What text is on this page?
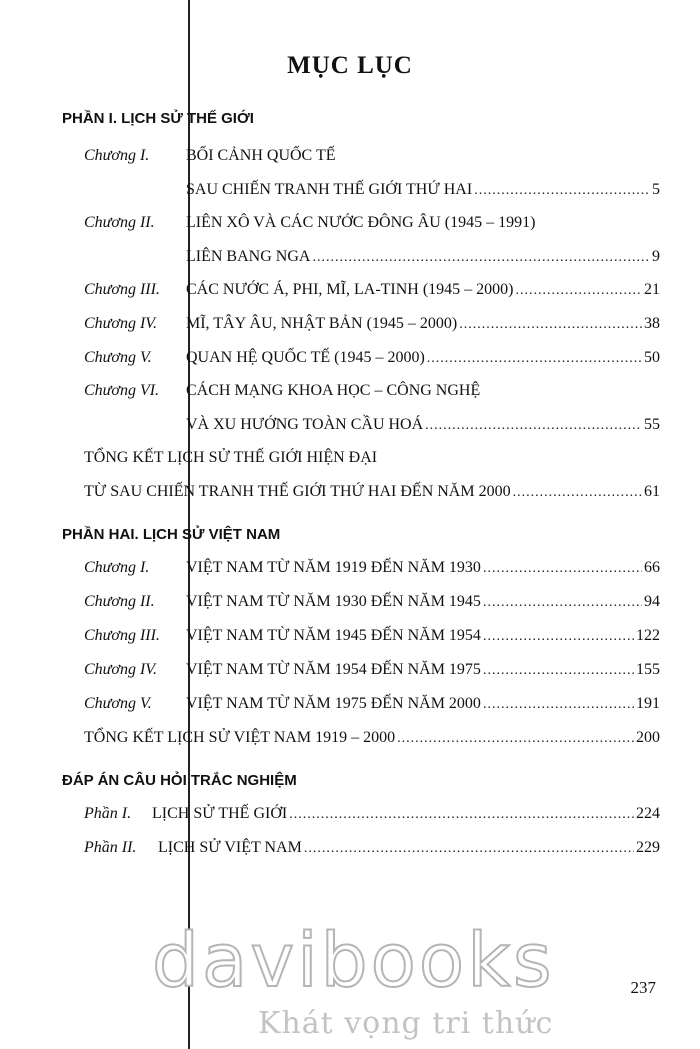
MỤC LỤC
PHẦN I. LỊCH SỬ THẾ GIỚI
Chương I. BỐI CẢNH QUỐC TẾ
SAU CHIẾN TRANH THẾ GIỚI THỨ HAI .....	5
Chương II. LIÊN XÔ VÀ CÁC NƯỚC ĐÔNG ÂU (1945 – 1991)
LIÊN BANG NGA .....	9
Chương III. CÁC NƯỚC Á, PHI, MĨ, LA-TINH (1945 – 2000) .....	21
Chương IV. MĨ, TÂY ÂU, NHẬT BẢN (1945 – 2000) .....	38
Chương V. QUAN HỆ QUỐC TẾ (1945 – 2000) .....	50
Chương VI. CÁCH MẠNG KHOA HỌC – CÔNG NGHỆ
VÀ XU HƯỚNG TOÀN CẦU HOÁ .....	55
TỔNG KẾT LỊCH SỬ THẾ GIỚI HIỆN ĐẠI
TỪ SAU CHIẾN TRANH THẾ GIỚI THỨ HAI ĐẾN NĂM 2000 .....	61
PHẦN HAI. LỊCH SỬ VIỆT NAM
Chương I. VIỆT NAM TỪ NĂM 1919 ĐẾN NĂM 1930 .....	66
Chương II. VIỆT NAM TỪ NĂM 1930 ĐẾN NĂM 1945 .....	94
Chương III. VIỆT NAM TỪ NĂM 1945 ĐẾN NĂM 1954 .....	122
Chương IV. VIỆT NAM TỪ NĂM 1954 ĐẾN NĂM 1975 .....	155
Chương V. VIỆT NAM TỪ NĂM 1975 ĐẾN NĂM 2000 .....	191
TỔNG KẾT LỊCH SỬ VIỆT NAM 1919 – 2000 .....	200
ĐÁP ÁN CÂU HỎI TRẮC NGHIỆM
Phần I. LỊCH SỬ THẾ GIỚI .....	224
Phần II. LỊCH SỬ VIỆT NAM .....	229
237
davibooks
Khát vọng tri thức
